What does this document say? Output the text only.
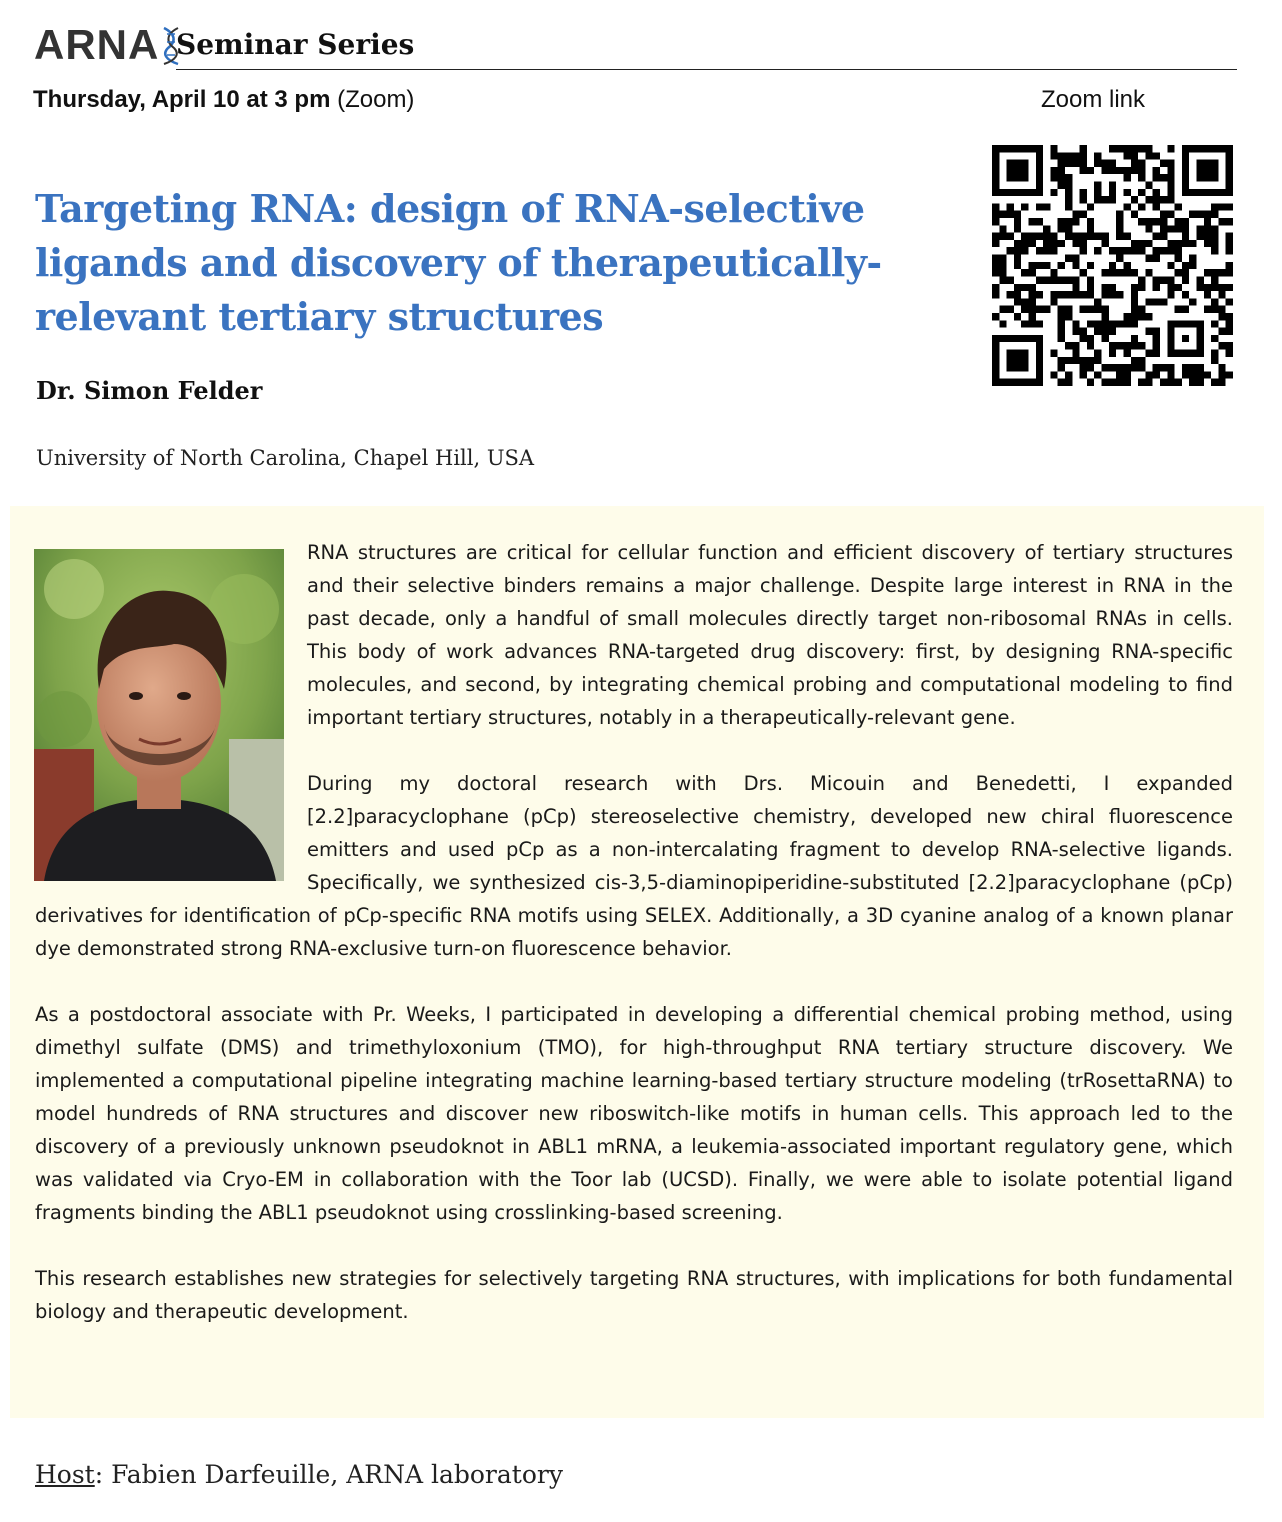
ARNA Seminar Series
Thursday, April 10 at 3 pm (Zoom)	Zoom link
Targeting RNA: design of RNA-selective ligands and discovery of therapeutically-relevant tertiary structures
Dr. Simon Felder
University of North Carolina, Chapel Hill, USA

RNA structures are critical for cellular function and efficient discovery of tertiary structures and their selective binders remains a major challenge. Despite large interest in RNA in the past decade, only a handful of small molecules directly target non-ribosomal RNAs in cells. This body of work advances RNA-targeted drug discovery: first, by designing RNA-specific molecules, and second, by integrating chemical probing and computational modeling to find important tertiary structures, notably in a therapeutically-relevant gene.

During my doctoral research with Drs. Micouin and Benedetti, I expanded [2.2]paracyclophane (pCp) stereoselective chemistry, developed new chiral fluorescence emitters and used pCp as a non-intercalating fragment to develop RNA-selective ligands. Specifically, we synthesized cis-3,5-diaminopiperidine-substituted [2.2]paracyclophane (pCp) derivatives for identification of pCp-specific RNA motifs using SELEX. Additionally, a 3D cyanine analog of a known planar dye demonstrated strong RNA-exclusive turn-on fluorescence behavior.

As a postdoctoral associate with Pr. Weeks, I participated in developing a differential chemical probing method, using dimethyl sulfate (DMS) and trimethyloxonium (TMO), for high-throughput RNA tertiary structure discovery. We implemented a computational pipeline integrating machine learning-based tertiary structure modeling (trRosettaRNA) to model hundreds of RNA structures and discover new riboswitch-like motifs in human cells. This approach led to the discovery of a previously unknown pseudoknot in ABL1 mRNA, a leukemia-associated important regulatory gene, which was validated via Cryo-EM in collaboration with the Toor lab (UCSD). Finally, we were able to isolate potential ligand fragments binding the ABL1 pseudoknot using crosslinking-based screening.

This research establishes new strategies for selectively targeting RNA structures, with implications for both fundamental biology and therapeutic development.

Host: Fabien Darfeuille, ARNA laboratory
